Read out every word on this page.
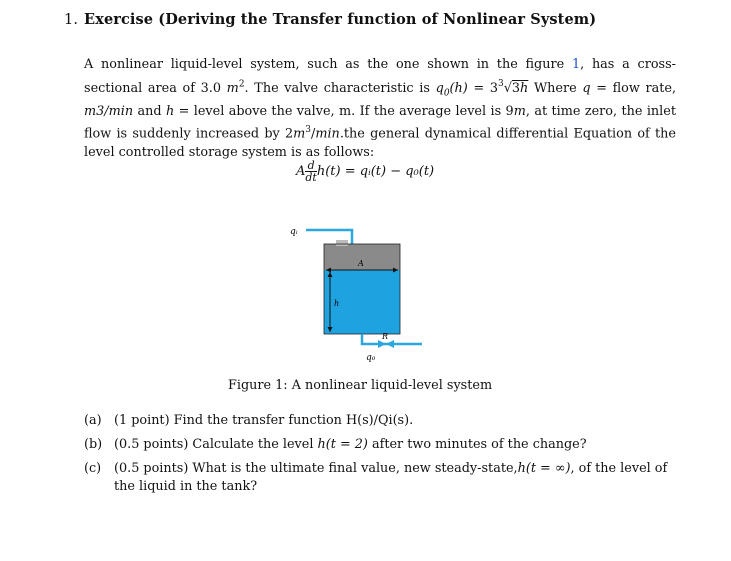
1. Exercise (Deriving the Transfer function of Nonlinear System)
A nonlinear liquid-level system, such as the one shown in the figure 1, has a cross-sectional area of 3.0 $m^2$. The valve characteristic is $q_0(h) = 3^3√3h$ Where q = flow rate, m3/min and h = level above the valve, m. If the average level is 9m, at time zero, the inlet flow is suddenly increased by $2m^3/\min.the$ general dynamical differential Equation of the level controlled storage system is as follows:
A $\frac{d}{dt} h(t)$ = qᵢ(t) − q₀(t)
qᵢ
A
h
R
q₀
Figure 1: A nonlinear liquid-level system
(a) (1 point) Find the transfer function H(s)/Qi(s).
(b) (0.5 points) Calculate the level h(t = 2) after two minutes of the change?
(c) (0.5 points) What is the ultimate final value, new steady-state,h(t = ∞), of the level of the liquid in the tank?
